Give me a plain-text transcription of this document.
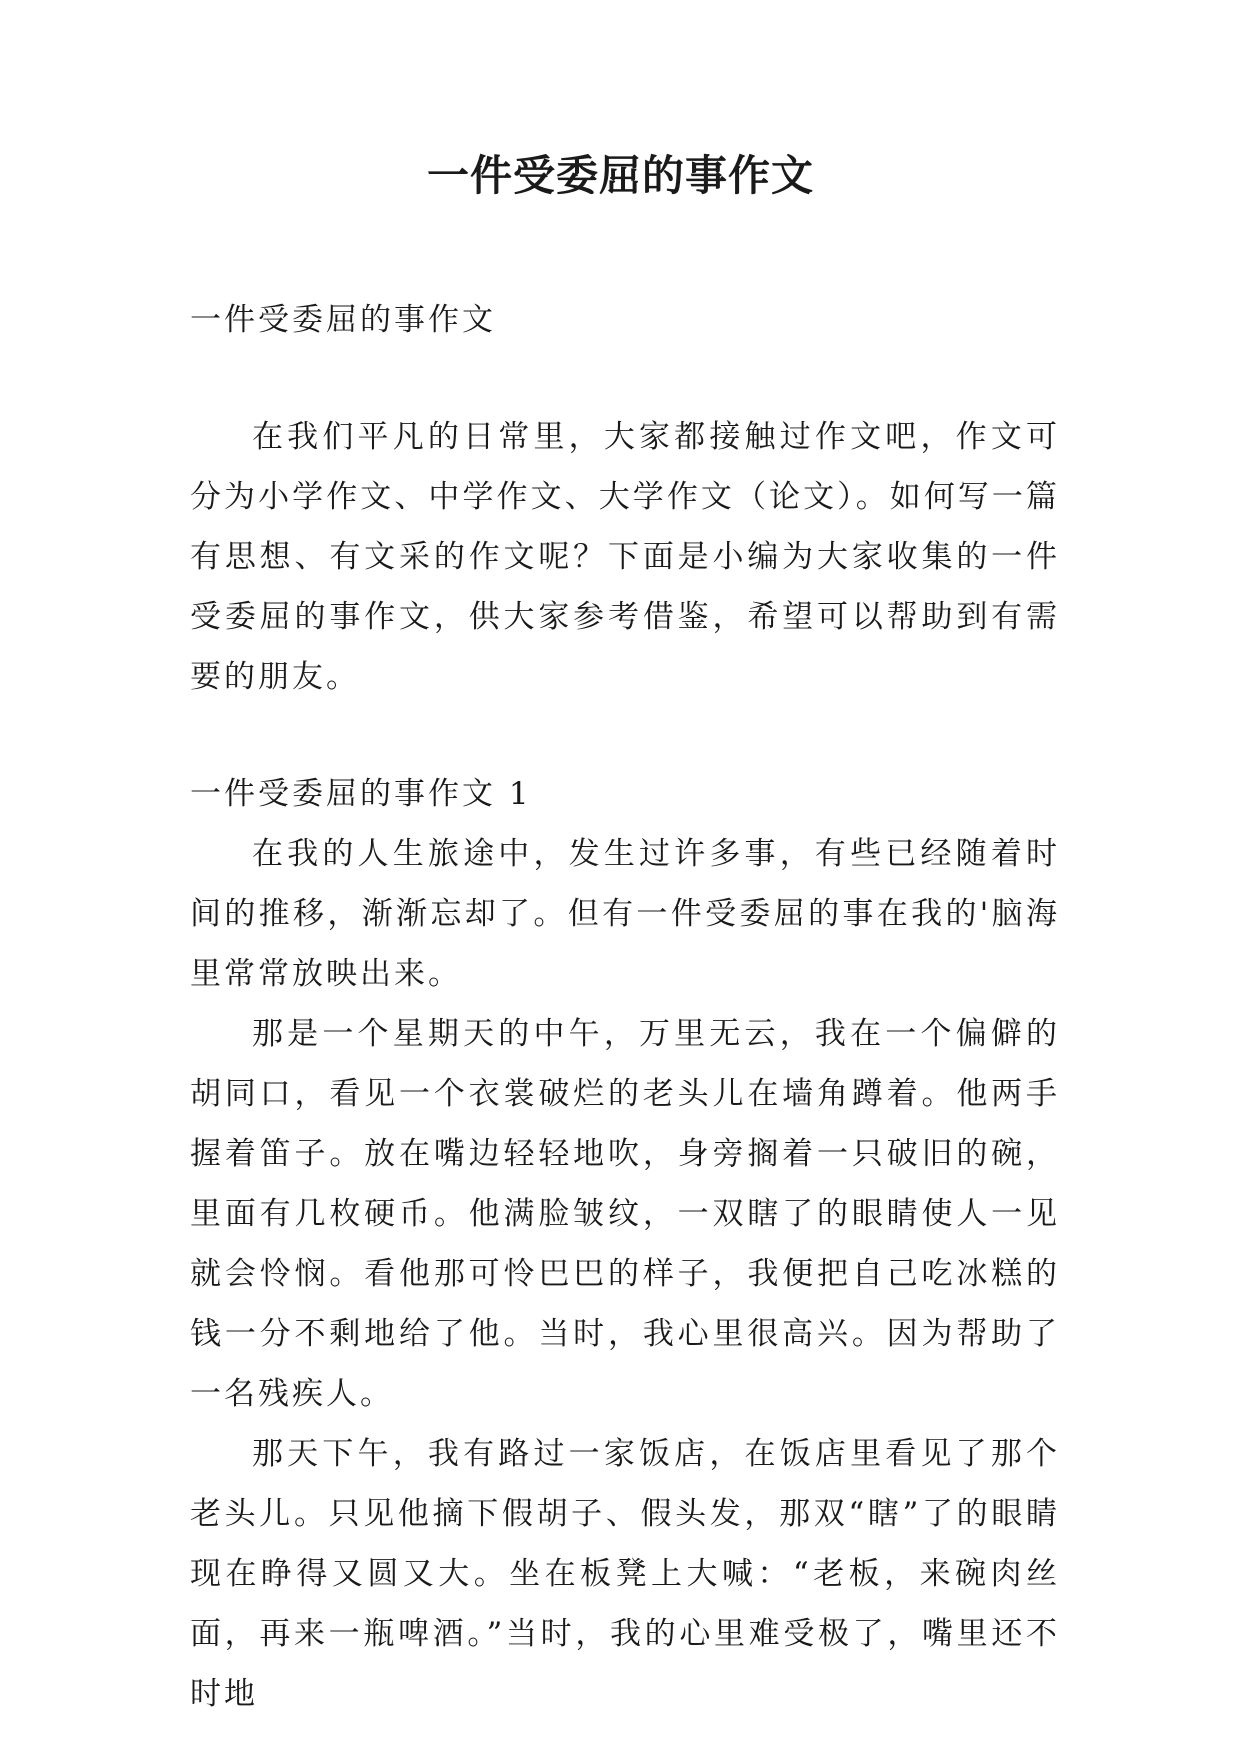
一件受委屈的事作文

一件受委屈的事作文

在我们平凡的日常里，大家都接触过作文吧，作文可分为小学作文、中学作文、大学作文（论文）。如何写一篇有思想、有文采的作文呢？下面是小编为大家收集的一件受委屈的事作文，供大家参考借鉴，希望可以帮助到有需要的朋友。

一件受委屈的事作文 1

在我的人生旅途中，发生过许多事，有些已经随着时间的推移，渐渐忘却了。但有一件受委屈的事在我的'脑海里常常放映出来。

那是一个星期天的中午，万里无云，我在一个偏僻的胡同口，看见一个衣裳破烂的老头儿在墙角蹲着。他两手握着笛子。放在嘴边轻轻地吹，身旁搁着一只破旧的碗，里面有几枚硬币。他满脸皱纹，一双瞎了的眼睛使人一见就会怜悯。看他那可怜巴巴的样子，我便把自己吃冰糕的钱一分不剩地给了他。当时，我心里很高兴。因为帮助了一名残疾人。

那天下午，我有路过一家饭店，在饭店里看见了那个老头儿。只见他摘下假胡子、假头发，那双“瞎”了的眼睛现在睁得又圆又大。坐在板凳上大喊：“老板，来碗肉丝面，再来一瓶啤酒。”当时，我的心里难受极了，嘴里还不时地
